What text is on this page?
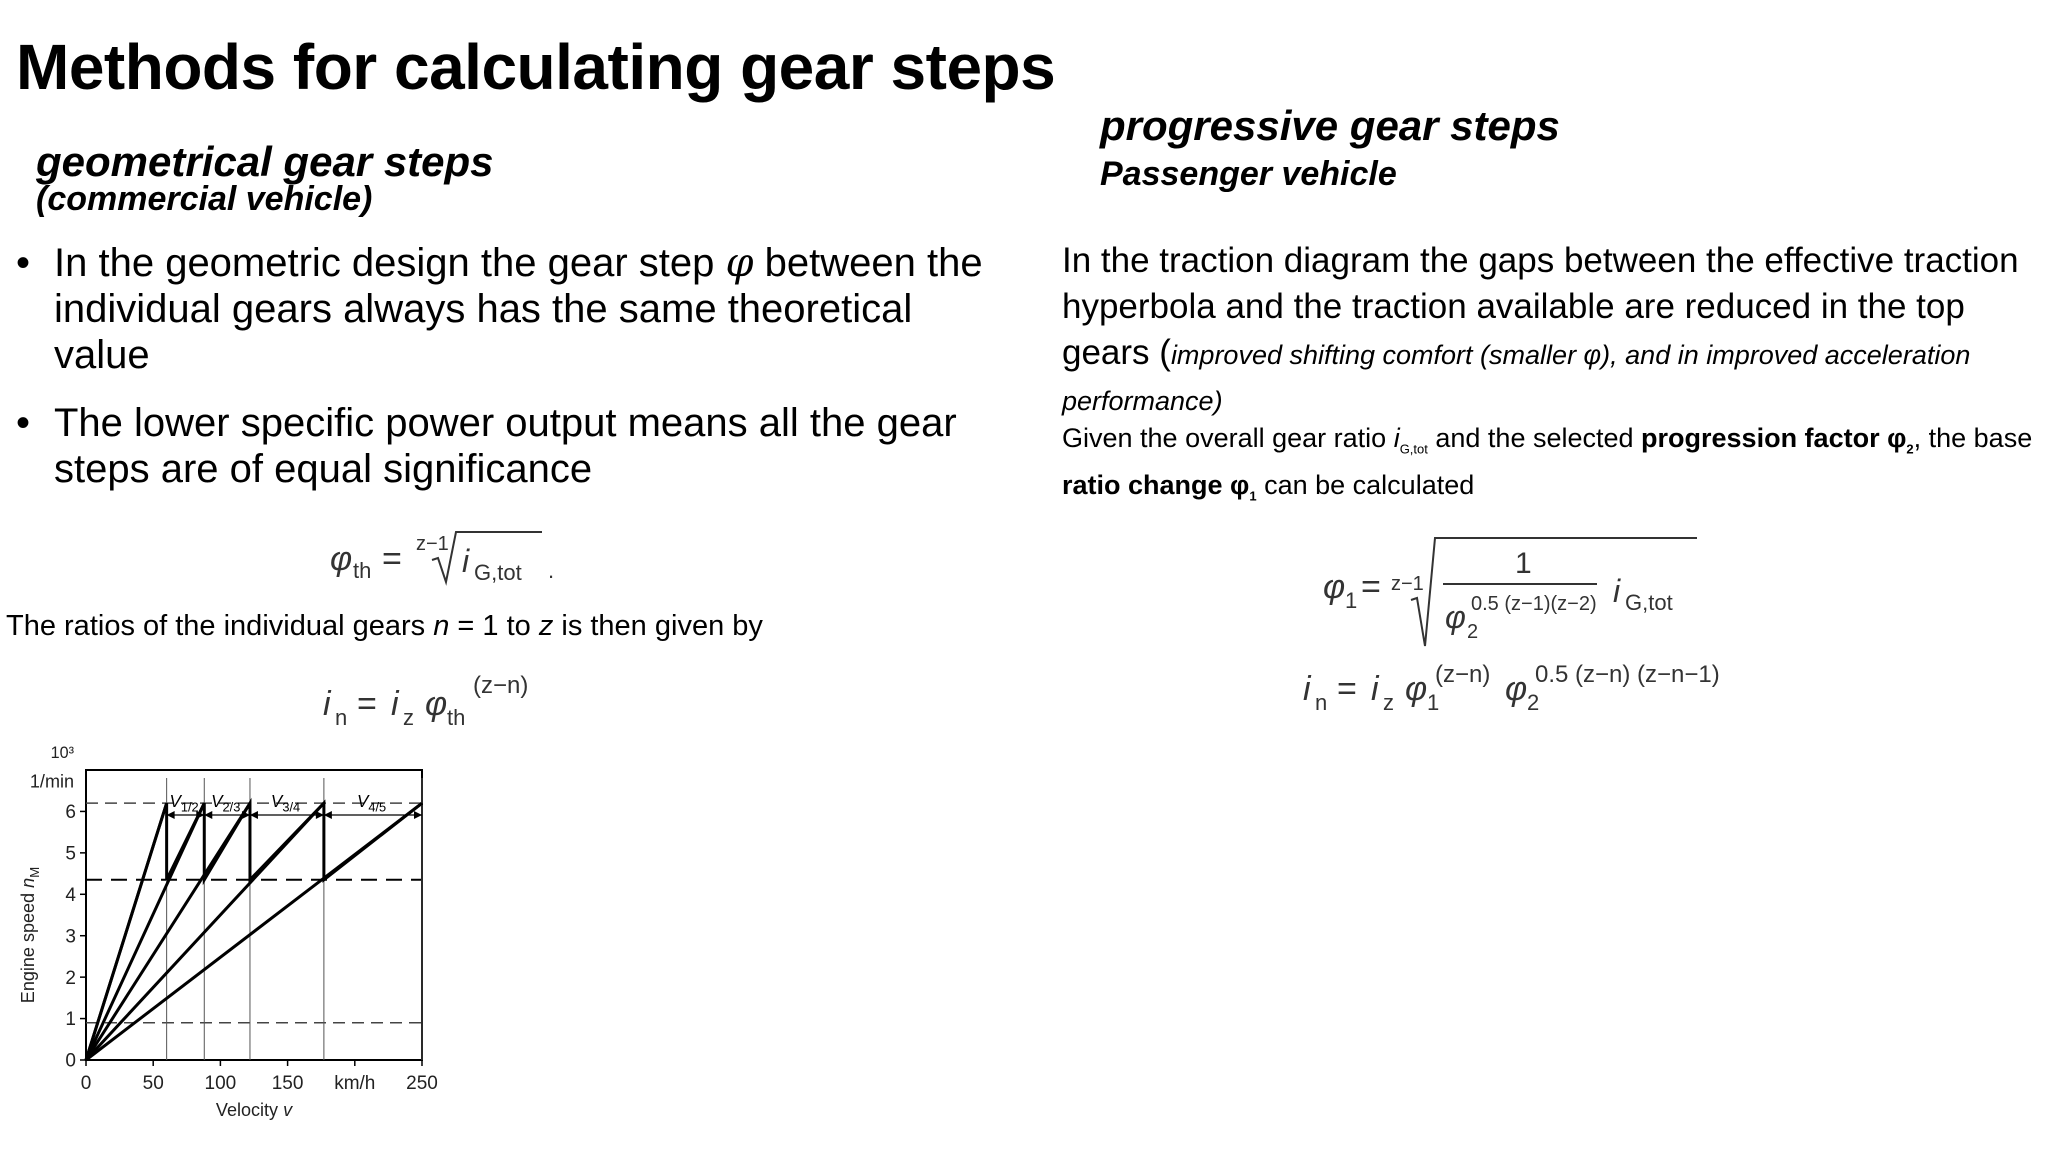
Methods for calculating gear steps
geometrical gear steps
(commercial vehicle)
progressive gear steps
Passenger vehicle
• In the geometric design the gear step φ between the individual gears always has the same theoretical value
• The lower specific power output means all the gear steps are of equal significance
φ th = z−1 i G,tot .
The ratios of the individual gears n = 1 to z is then given by
i n = i z φ th
(z−n)
In the traction diagram the gaps between the effective traction hyperbola and the traction available are reduced in the top gears (improved shifting comfort (smaller φ), and in improved acceleration performance)
Given the overall gear ratio $i_{G,tot}$ and the selected progression factor $\varphi_2$, the base ratio change $\varphi_1$ can be calculated
φ 1 = z−1
1
φ 2
0.5 (z−1)(z−2) i G,tot
i n = i z φ 1
(z−n) φ 2
0.5 (z−n) (z−n−1)
0	50 100 150 km/h 250
0
1
2
3
4
5
6
Velocity v
Engine speed $n_M$
1/min
10³
$V_{1/2}$ $V_{2/3}$ $V_{3/4}$	$V_{4/5}$
